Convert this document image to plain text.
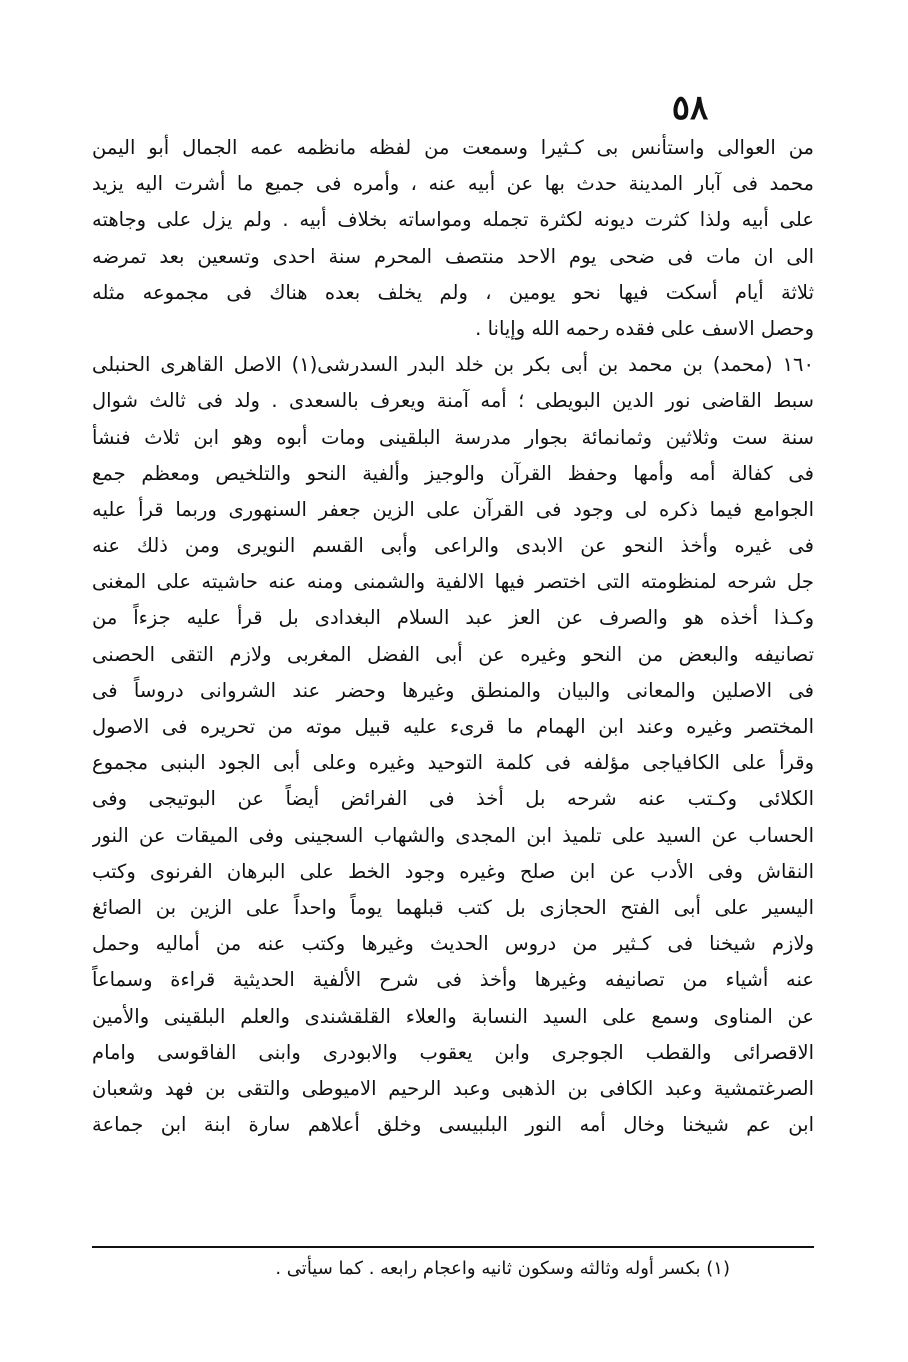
٥٨
من العوالى واستأنس بى كـثيرا وسمعت من لفظه مانظمه عمه الجمال أبو اليمن
محمد فى آبار المدينة حدث بها عن أبيه عنه ، وأمره فى جميع ما أشرت اليه يزيد
على أبيه ولذا كثرت ديونه لكثرة تجمله ومواساته بخلاف أبيه . ولم يزل على وجاهته
الى ان مات فى ضحى يوم الاحد منتصف المحرم سنة احدى وتسعين بعد تمرضه
ثلاثة أيام أسكت فيها نحو يومين ، ولم يخلف بعده هناك فى مجموعه مثله
وحصل الاسف على فقده رحمه الله وإيانا .
١٦٠ (محمد) بن محمد بن أبى بكر بن خلد البدر السدرشى(١) الاصل القاهرى الحنبلى
سبط القاضى نور الدين البويطى ؛ أمه آمنة ويعرف بالسعدى . ولد فى ثالث شوال
سنة ست وثلاثين وثمانمائة بجوار مدرسة البلقينى ومات أبوه وهو ابن ثلاث فنشأ
فى كفالة أمه وأمها وحفظ القرآن والوجيز وألفية النحو والتلخيص ومعظم جمع
الجوامع فيما ذكره لى وجود فى القرآن على الزين جعفر السنهورى وربما قرأ عليه
فى غيره وأخذ النحو عن الابدى والراعى وأبى القسم النويرى ومن ذلك عنه
جل شرحه لمنظومته التى اختصر فيها الالفية والشمنى ومنه عنه حاشيته على المغنى
وكـذا أخذه هو والصرف عن العز عبد السلام البغدادى بل قرأ عليه جزءاً من
تصانيفه والبعض من النحو وغيره عن أبى الفضل المغربى ولازم التقى الحصنى
فى الاصلين والمعانى والبيان والمنطق وغيرها وحضر عند الشروانى دروساً فى
المختصر وغيره وعند ابن الهمام ما قرىء عليه قبيل موته من تحريره فى الاصول
وقرأ على الكافياجى مؤلفه فى كلمة التوحيد وغيره وعلى أبى الجود البنبى مجموع
الكلائى وكـتب عنه شرحه بل أخذ فى الفرائض أيضاً عن البوتيجى وفى
الحساب عن السيد على تلميذ ابن المجدى والشهاب السجينى وفى الميقات عن النور
النقاش وفى الأدب عن ابن صلح وغيره وجود الخط على البرهان الفرنوى وكتب
اليسير على أبى الفتح الحجازى بل كتب قبلهما يوماً واحداً على الزين بن الصائغ
ولازم شيخنا فى كـثير من دروس الحديث وغيرها وكتب عنه من أماليه وحمل
عنه أشياء من تصانيفه وغيرها وأخذ فى شرح الألفية الحديثية قراءة وسماعاً
عن المناوى وسمع على السيد النسابة والعلاء القلقشندى والعلم البلقينى والأمين
الاقصرائى والقطب الجوجرى وابن يعقوب والابودرى وابنى الفاقوسى وامام
الصرغتمشية وعبد الكافى بن الذهبى وعبد الرحيم الاميوطى والتقى بن فهد وشعبان
ابن عم شيخنا وخال أمه النور البلبيسى وخلق أعلاهم سارة ابنة ابن جماعة
(١) بكسر أوله وثالثه وسكون ثانيه واعجام رابعه . كما سيأتى .
